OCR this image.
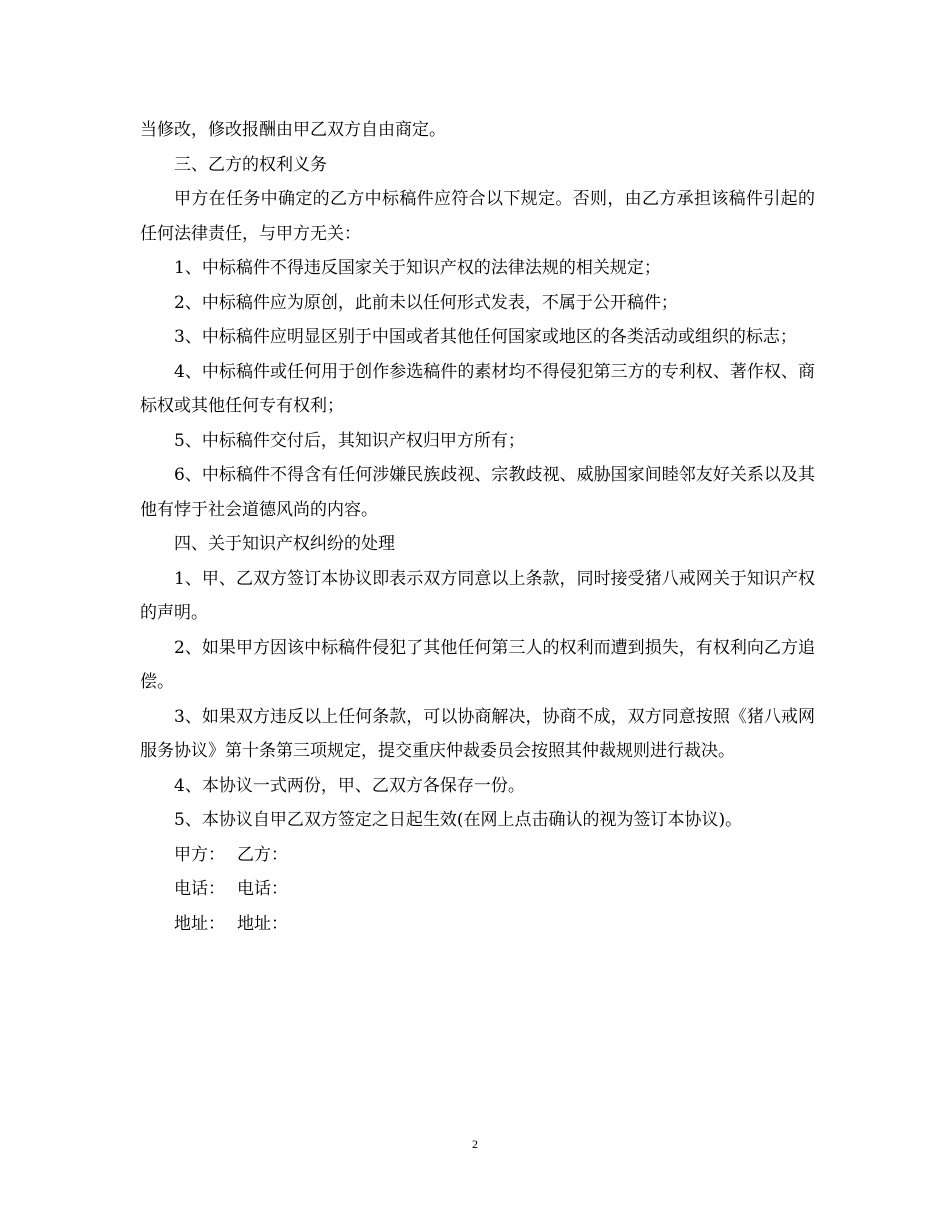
当修改，修改报酬由甲乙双方自由商定。

三、乙方的权利义务

甲方在任务中确定的乙方中标稿件应符合以下规定。否则，由乙方承担该稿件引起的任何法律责任，与甲方无关：

1、中标稿件不得违反国家关于知识产权的法律法规的相关规定；

2、中标稿件应为原创，此前未以任何形式发表，不属于公开稿件；

3、中标稿件应明显区别于中国或者其他任何国家或地区的各类活动或组织的标志；

4、中标稿件或任何用于创作参选稿件的素材均不得侵犯第三方的专利权、著作权、商标权或其他任何专有权利；

5、中标稿件交付后，其知识产权归甲方所有；

6、中标稿件不得含有任何涉嫌民族歧视、宗教歧视、威胁国家间睦邻友好关系以及其他有悖于社会道德风尚的内容。

四、关于知识产权纠纷的处理

1、甲、乙双方签订本协议即表示双方同意以上条款，同时接受猪八戒网关于知识产权的声明。

2、如果甲方因该中标稿件侵犯了其他任何第三人的权利而遭到损失，有权利向乙方追偿。

3、如果双方违反以上任何条款，可以协商解决，协商不成，双方同意按照《猪八戒网服务协议》第十条第三项规定，提交重庆仲裁委员会按照其仲裁规则进行裁决。

4、本协议一式两份，甲、乙双方各保存一份。

5、本协议自甲乙双方签定之日起生效(在网上点击确认的视为签订本协议)。

甲方： 乙方：
电话： 电话：
地址： 地址：
2
